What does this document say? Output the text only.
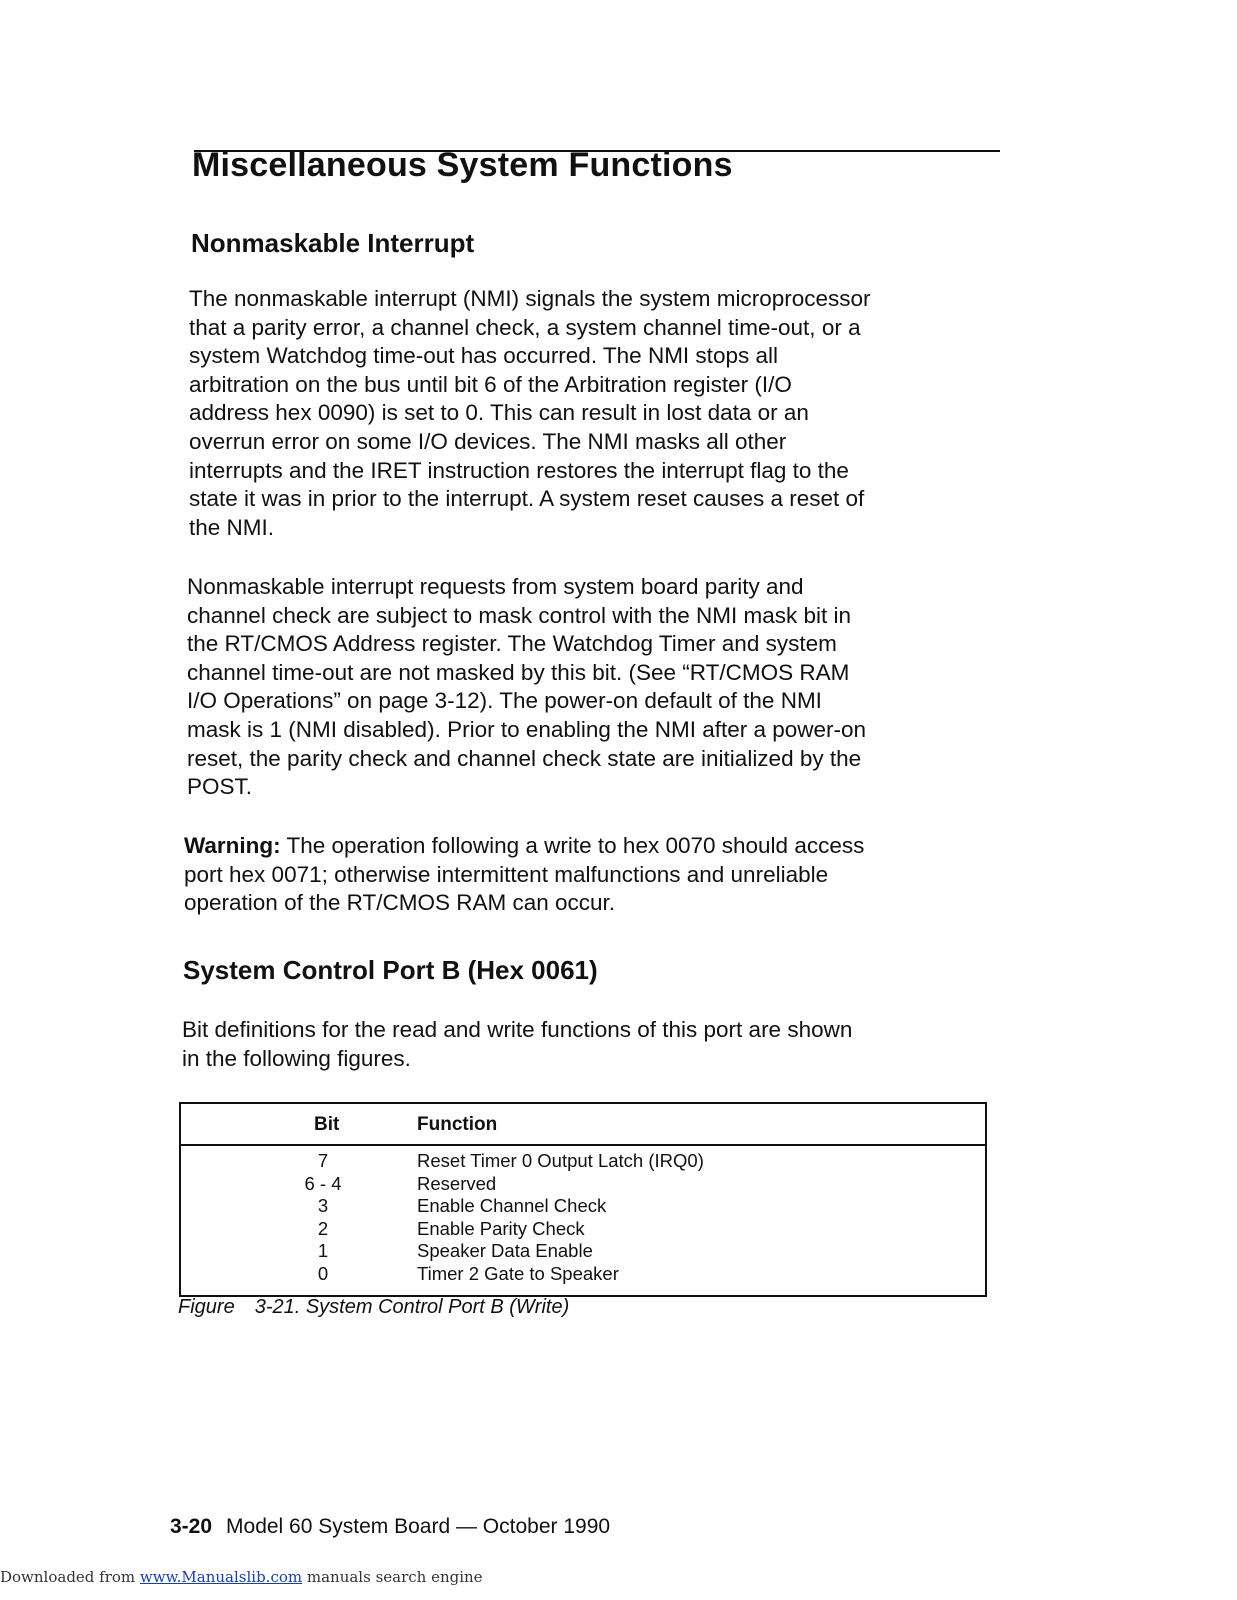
Miscellaneous System Functions
Nonmaskable Interrupt

The nonmaskable interrupt (NMI) signals the system microprocessor
that a parity error, a channel check, a system channel time-out, or a
system Watchdog time-out has occurred. The NMI stops all
arbitration on the bus until bit 6 of the Arbitration register (I/O
address hex 0090) is set to 0. This can result in lost data or an
overrun error on some I/O devices. The NMI masks all other
interrupts and the IRET instruction restores the interrupt flag to the
state it was in prior to the interrupt. A system reset causes a reset of
the NMI.

Nonmaskable interrupt requests from system board parity and
channel check are subject to mask control with the NMI mask bit in
the RT/CMOS Address register. The Watchdog Timer and system
channel time-out are not masked by this bit. (See “RT/CMOS RAM
I/O Operations” on page 3-12). The power-on default of the NMI
mask is 1 (NMI disabled). Prior to enabling the NMI after a power-on
reset, the parity check and channel check state are initialized by the
POST.

Warning: The operation following a write to hex 0070 should access
port hex 0071; otherwise intermittent malfunctions and unreliable
operation of the RT/CMOS RAM can occur.

System Control Port B (Hex 0061)

Bit definitions for the read and write functions of this port are shown
in the following figures.

Bit	Function
7	Reset Timer 0 Output Latch (IRQ0)
6 - 4	Reserved
3	Enable Channel Check
2	Enable Parity Check
1	Speaker Data Enable
0	Timer 2 Gate to Speaker
Figure 3-21. System Control Port B (Write)
3-20 Model 60 System Board — October 1990
Downloaded from www.Manualslib.com manuals search engine
